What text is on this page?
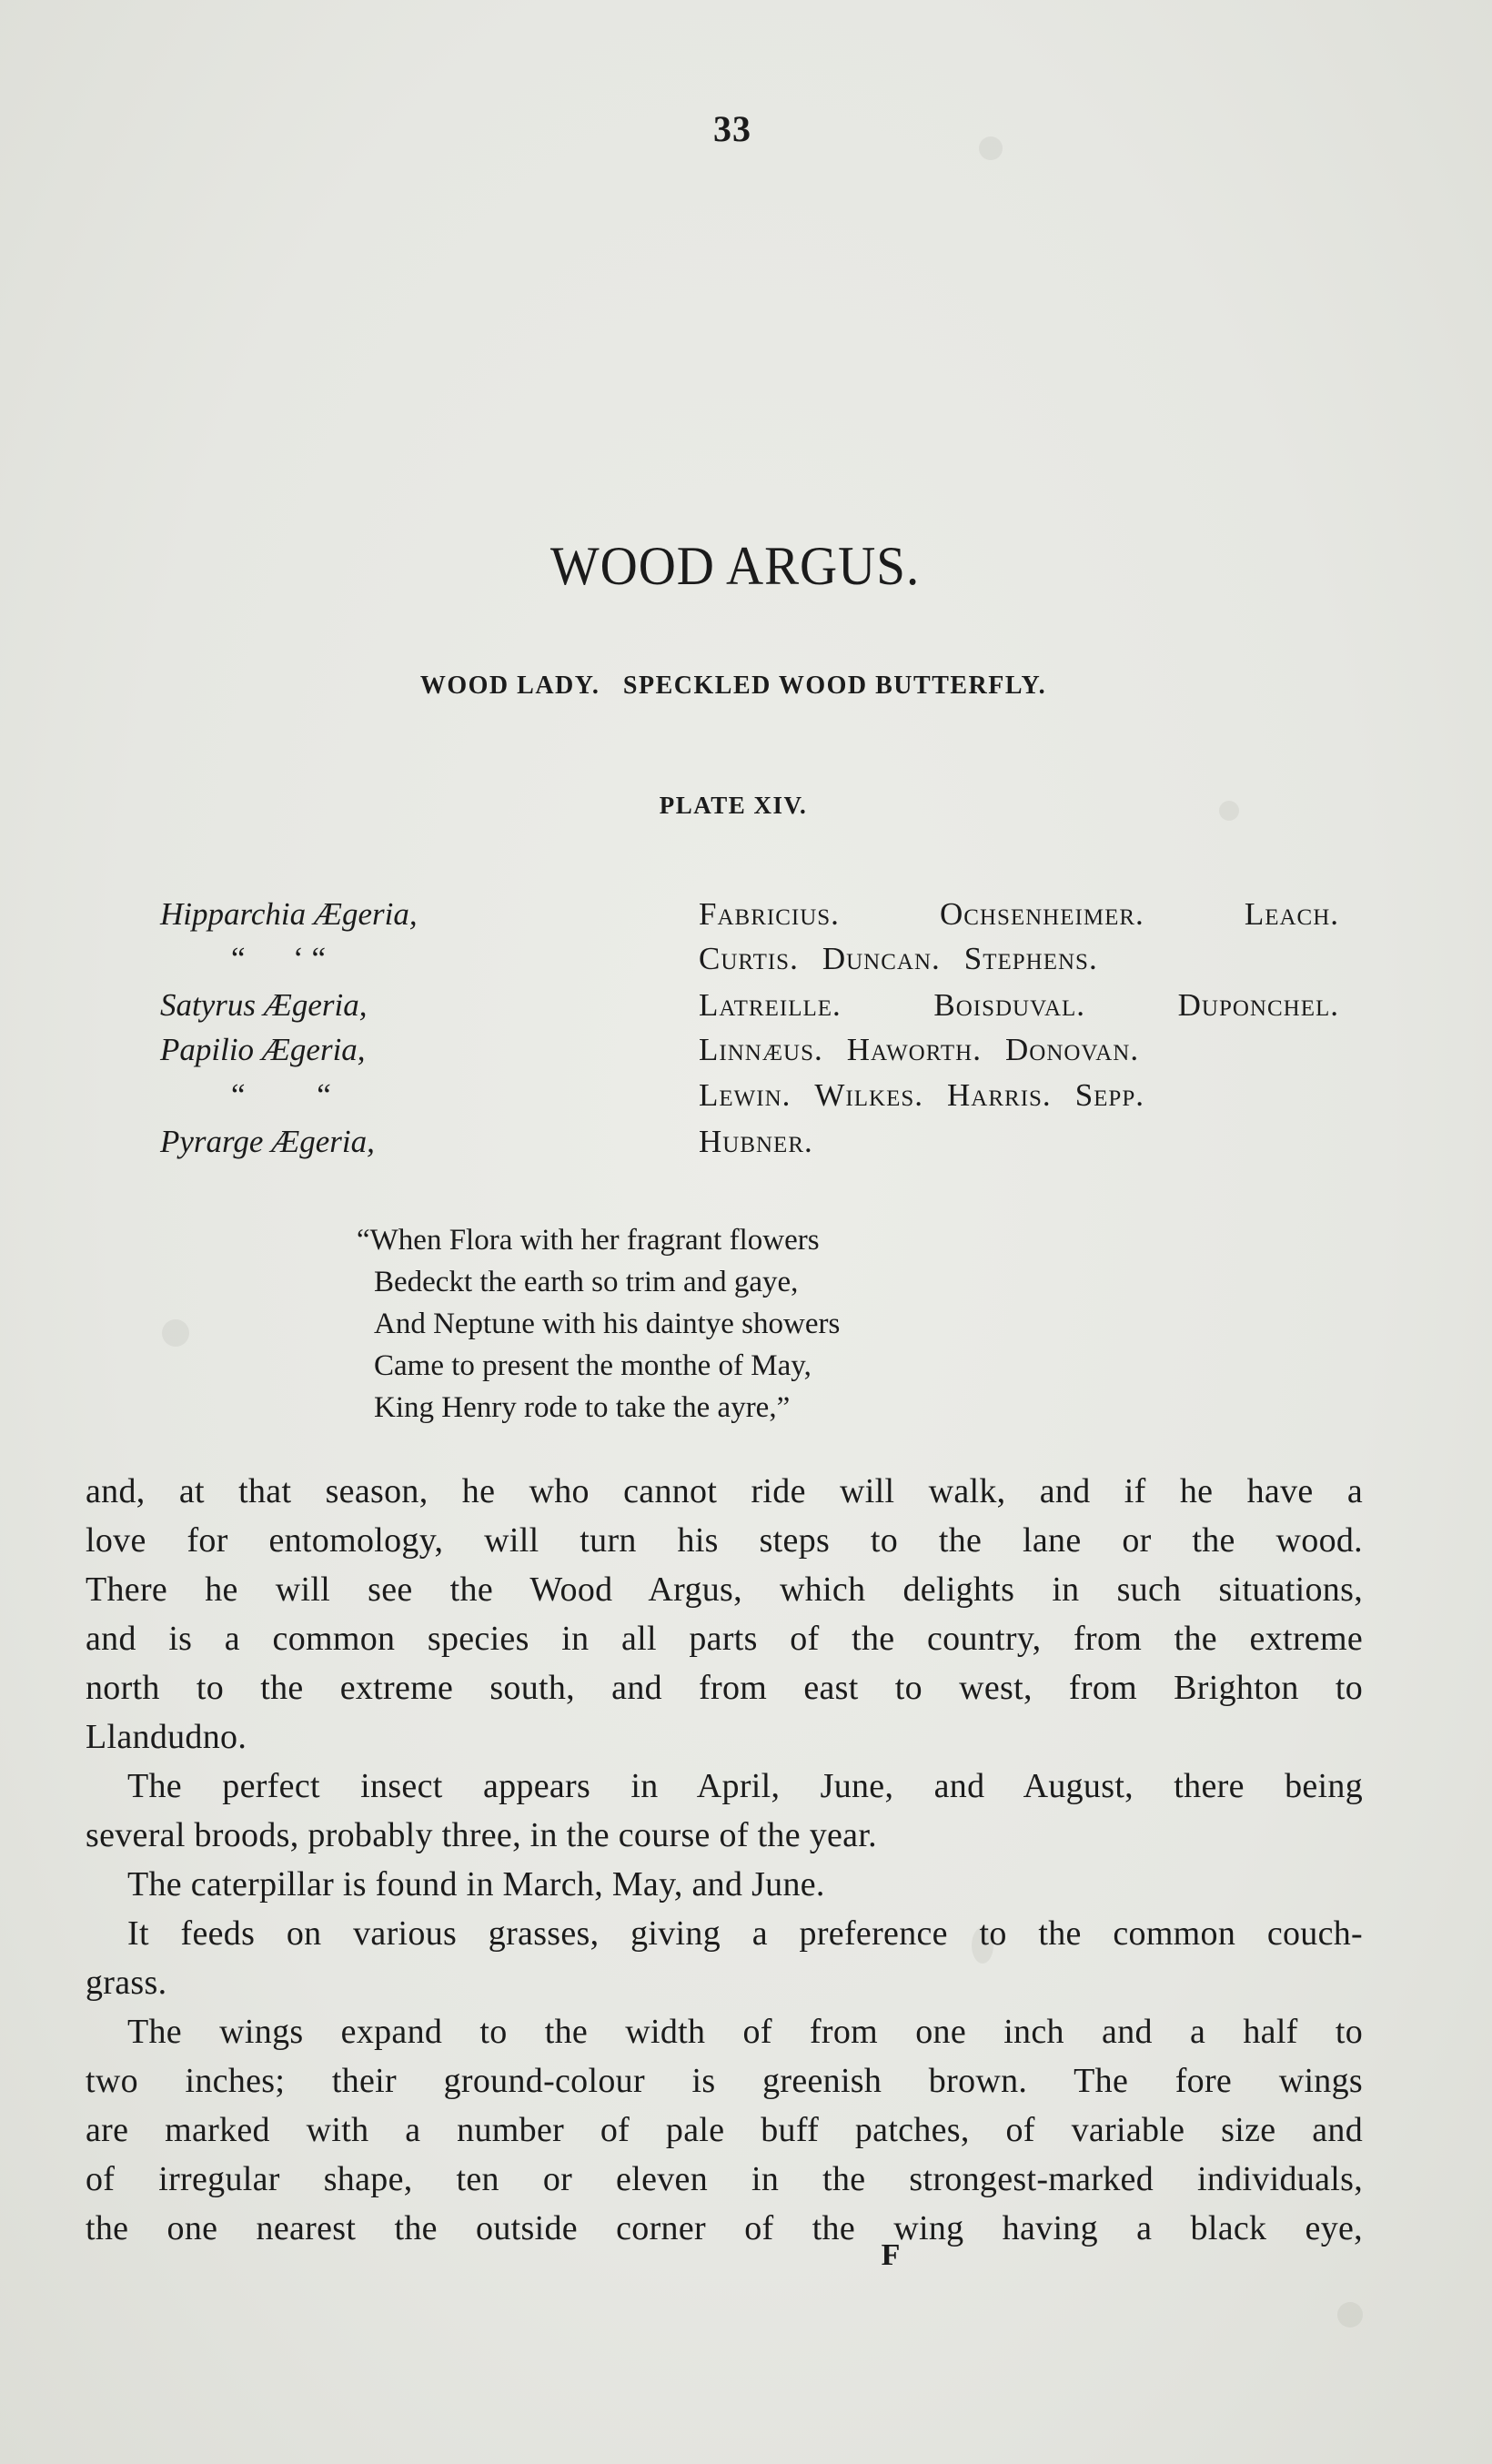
33
WOOD ARGUS.
WOOD LADY.   SPECKLED WOOD BUTTERFLY.
PLATE XIV.
Hipparchia Ægeria,	Fabricius.	Ochsenheimer.	Leach.
“      ‘ “	Curtis. Duncan. Stephens.
Satyrus Ægeria,	Latreille.	Boisduval.	Duponchel.
Papilio Ægeria,	Linnæus. Haworth. Donovan.
“         “	Lewin. Wilkes. Harris. Sepp.
Pyrarge Ægeria,	Hubner.
“When Flora with her fragrant flowers
Bedeckt the earth so trim and gaye,
And Neptune with his daintye showers
Came to present the monthe of May,
King Henry rode to take the ayre,”
and, at that season, he who cannot ride will walk, and if he have a
love for entomology, will turn his steps to the lane or the wood.
There he will see the Wood Argus, which delights in such situations,
and is a common species in all parts of the country, from the extreme
north to the extreme south, and from east to west, from Brighton to
Llandudno.
The perfect insect appears in April, June, and August, there being
several broods, probably three, in the course of the year.
The caterpillar is found in March, May, and June.
It feeds on various grasses, giving a preference to the common couch-
grass.
The wings expand to the width of from one inch and a half to
two inches; their ground-colour is greenish brown. The fore wings
are marked with a number of pale buff patches, of variable size and
of irregular shape, ten or eleven in the strongest-marked individuals,
the one nearest the outside corner of the wing having a black eye,
F
